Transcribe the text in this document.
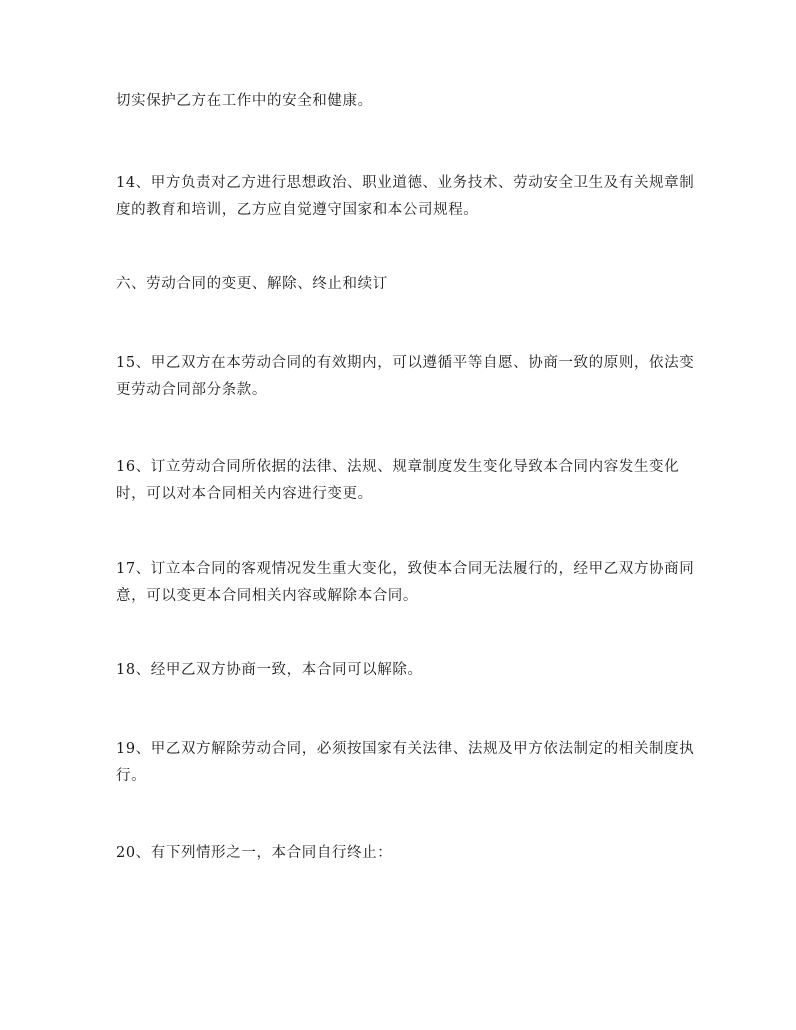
切实保护乙方在工作中的安全和健康。

14、甲方负责对乙方进行思想政治、职业道德、业务技术、劳动安全卫生及有关规章制度的教育和培训，乙方应自觉遵守国家和本公司规程。

六、劳动合同的变更、解除、终止和续订

15、甲乙双方在本劳动合同的有效期内，可以遵循平等自愿、协商一致的原则，依法变更劳动合同部分条款。

16、订立劳动合同所依据的法律、法规、规章制度发生变化导致本合同内容发生变化时，可以对本合同相关内容进行变更。

17、订立本合同的客观情况发生重大变化，致使本合同无法履行的，经甲乙双方协商同意，可以变更本合同相关内容或解除本合同。

18、经甲乙双方协商一致，本合同可以解除。

19、甲乙双方解除劳动合同，必须按国家有关法律、法规及甲方依法制定的相关制度执行。

20、有下列情形之一，本合同自行终止：
